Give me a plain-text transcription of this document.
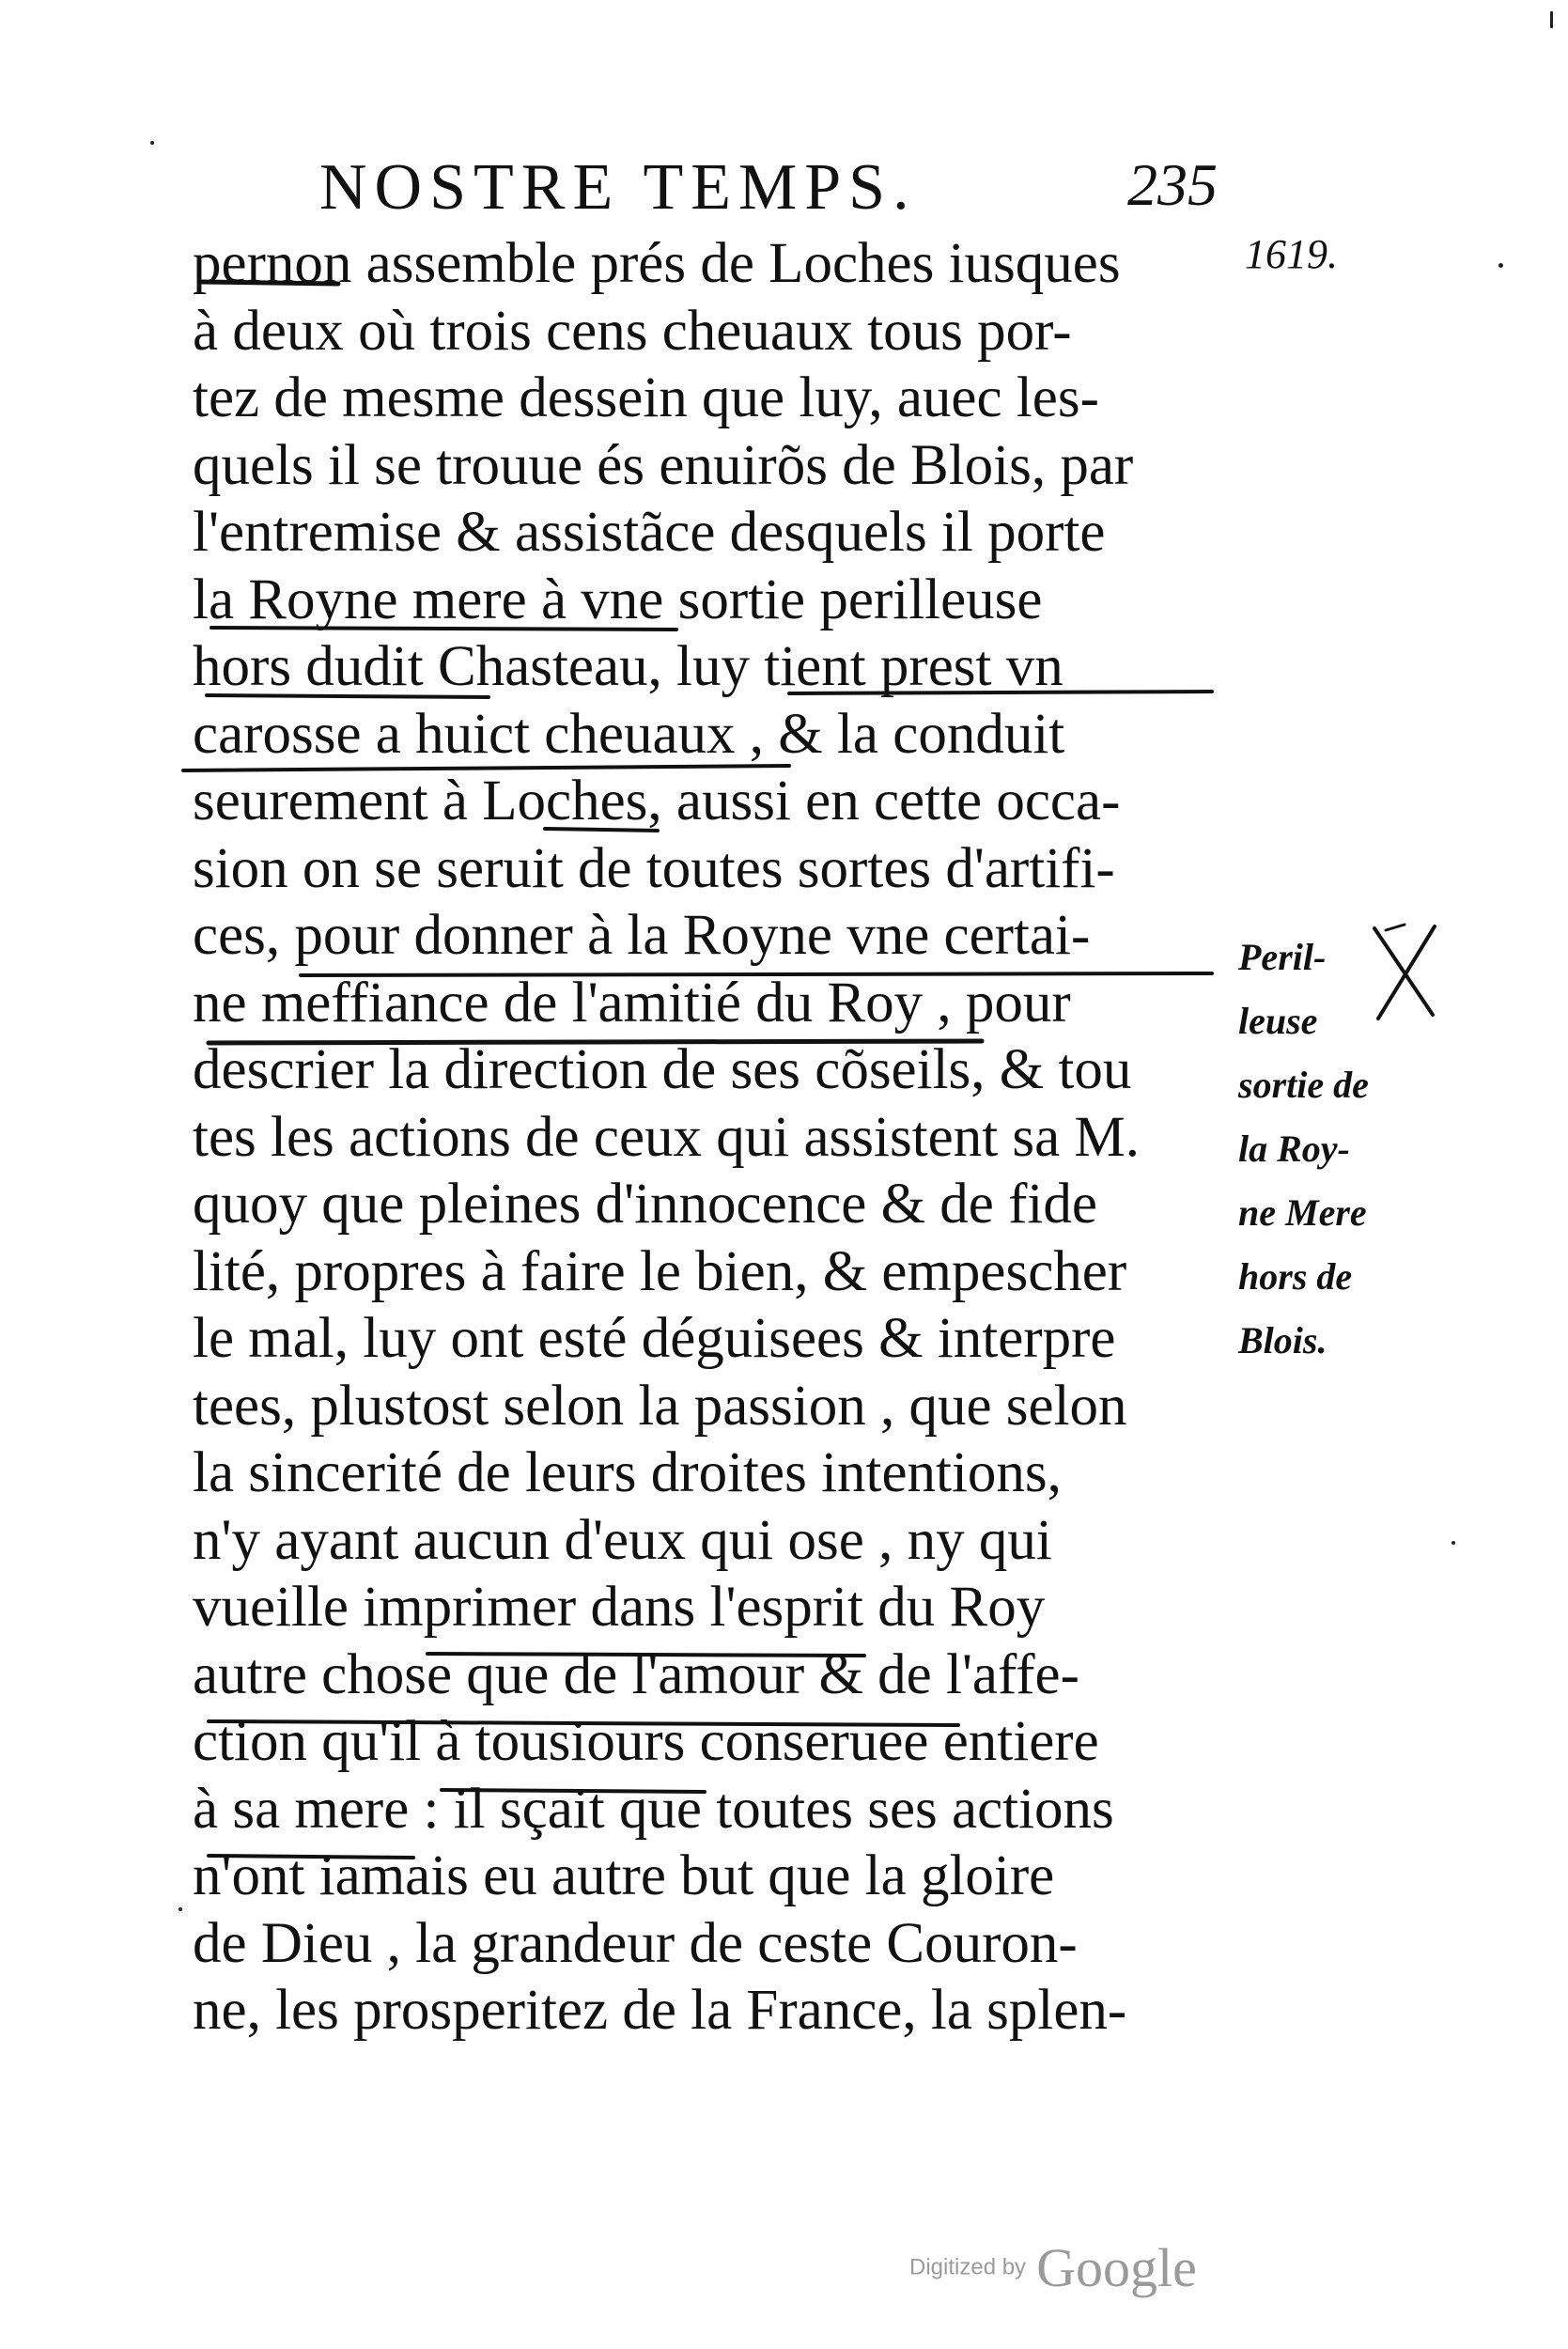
NOSTRE TEMPS.	235
1619.
pernon assemble prés de Loches iusques
à deux où trois cens cheuaux tous por-
tez de mesme dessein que luy, auec les-
quels il se trouue és enuirõs de Blois, par
l'entremise & assistãce desquels il porte
la Royne mere à vne sortie perilleuse
hors dudit Chasteau, luy tient prest vn
carosse a huict cheuaux , & la conduit
seurement à Loches, aussi en cette occa-
sion on se seruit de toutes sortes d'artifi-
ces, pour donner à la Royne vne certai-
ne meffiance de l'amitié du Roy , pour
descrier la direction de ses cõseils, & tou
tes les actions de ceux qui assistent sa M.
quoy que pleines d'innocence & de fide
lité, propres à faire le bien, & empescher
le mal, luy ont esté déguisees & interpre
tees, plustost selon la passion , que selon
la sincerité de leurs droites intentions,
n'y ayant aucun d'eux qui ose , ny qui
vueille imprimer dans l'esprit du Roy
autre chose que de l'amour & de l'affe-
ction qu'il à tousiours conseruee entiere
à sa mere : il sçait que toutes ses actions
n'ont iamais eu autre but que la gloire
de Dieu , la grandeur de ceste Couron-
ne, les prosperitez de la France, la splen-
Peril-
leuse
sortie de
la Roy-
ne Mere
hors de
Blois.
Digitized by Google
